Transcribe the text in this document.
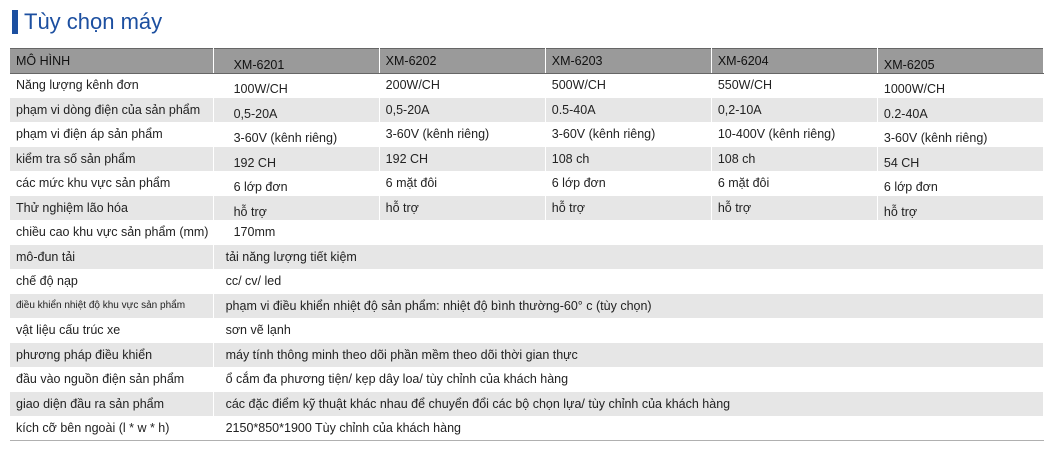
Tùy chọn máy
MÔ HÌNH	XM-6201	XM-6202	XM-6203	XM-6204	XM-6205
Năng lượng kênh đơn	100W/CH	200W/CH	500W/CH	550W/CH	1000W/CH
phạm vi dòng điện của sản phẩm	0,5-20A	0,5-20A	0.5-40A	0,2-10A	0.2-40A
phạm vi điện áp sản phẩm	3-60V (kênh riêng)	3-60V (kênh riêng)	3-60V (kênh riêng)	10-400V (kênh riêng)	3-60V (kênh riêng)
kiểm tra số sản phẩm	192 CH	192 CH	108 ch	108 ch	54 CH
các mức khu vực sản phẩm	6 lớp đơn	6 mặt đôi	6 lớp đơn	6 mặt đôi	6 lớp đơn
Thử nghiệm lão hóa	hỗ trợ	hỗ trợ	hỗ trợ	hỗ trợ	hỗ trợ
chiều cao khu vực sản phẩm (mm)	170mm				
mô-đun tải	tải năng lượng tiết kiệm				
chế độ nạp	cc/ cv/ led				
điều khiển nhiệt độ khu vực sản phẩm	phạm vi điều khiển nhiệt độ sản phẩm: nhiệt độ bình thường-60° c (tùy chọn)				
vật liệu cấu trúc xe	sơn vẽ lạnh				
phương pháp điều khiển	máy tính thông minh theo dõi phần mềm theo dõi thời gian thực				
đầu vào nguồn điện sản phẩm	ổ cắm đa phương tiện/ kẹp dây loa/ tùy chỉnh của khách hàng				
giao diện đầu ra sản phẩm	các đặc điểm kỹ thuật khác nhau để chuyển đổi các bộ chọn lựa/ tùy chỉnh của khách hàng				
kích cỡ bên ngoài (l * w * h)	2150*850*1900 Tùy chỉnh của khách hàng				
